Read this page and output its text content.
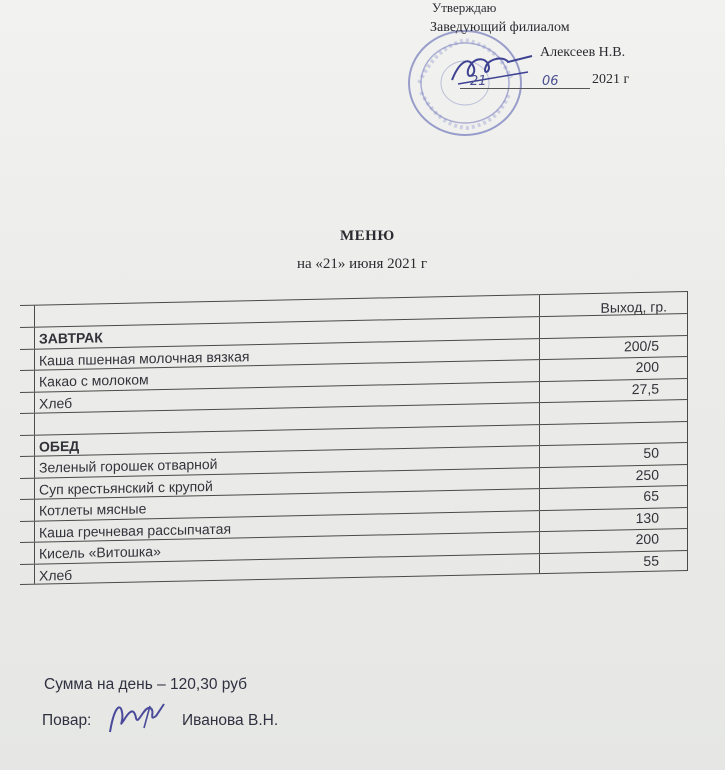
Утверждаю
Заведующий филиалом
Алексеев Н.В.
21	06 2021 г
МЕНЮ
на «21» июня 2021 г
Выход, гр.
ЗАВТРАК
Каша пшенная молочная вязкая
200/5
Какао с молоком
200
Хлеб
27,5
ОБЕД
Зеленый горошек отварной
50
Суп крестьянский с крупой
250
Котлеты мясные
65
Каша гречневая рассыпчатая
130
Кисель «Витошка»
200
Хлеб
55
Сумма на день – 120,30 руб
Повар:	Иванова В.Н.
